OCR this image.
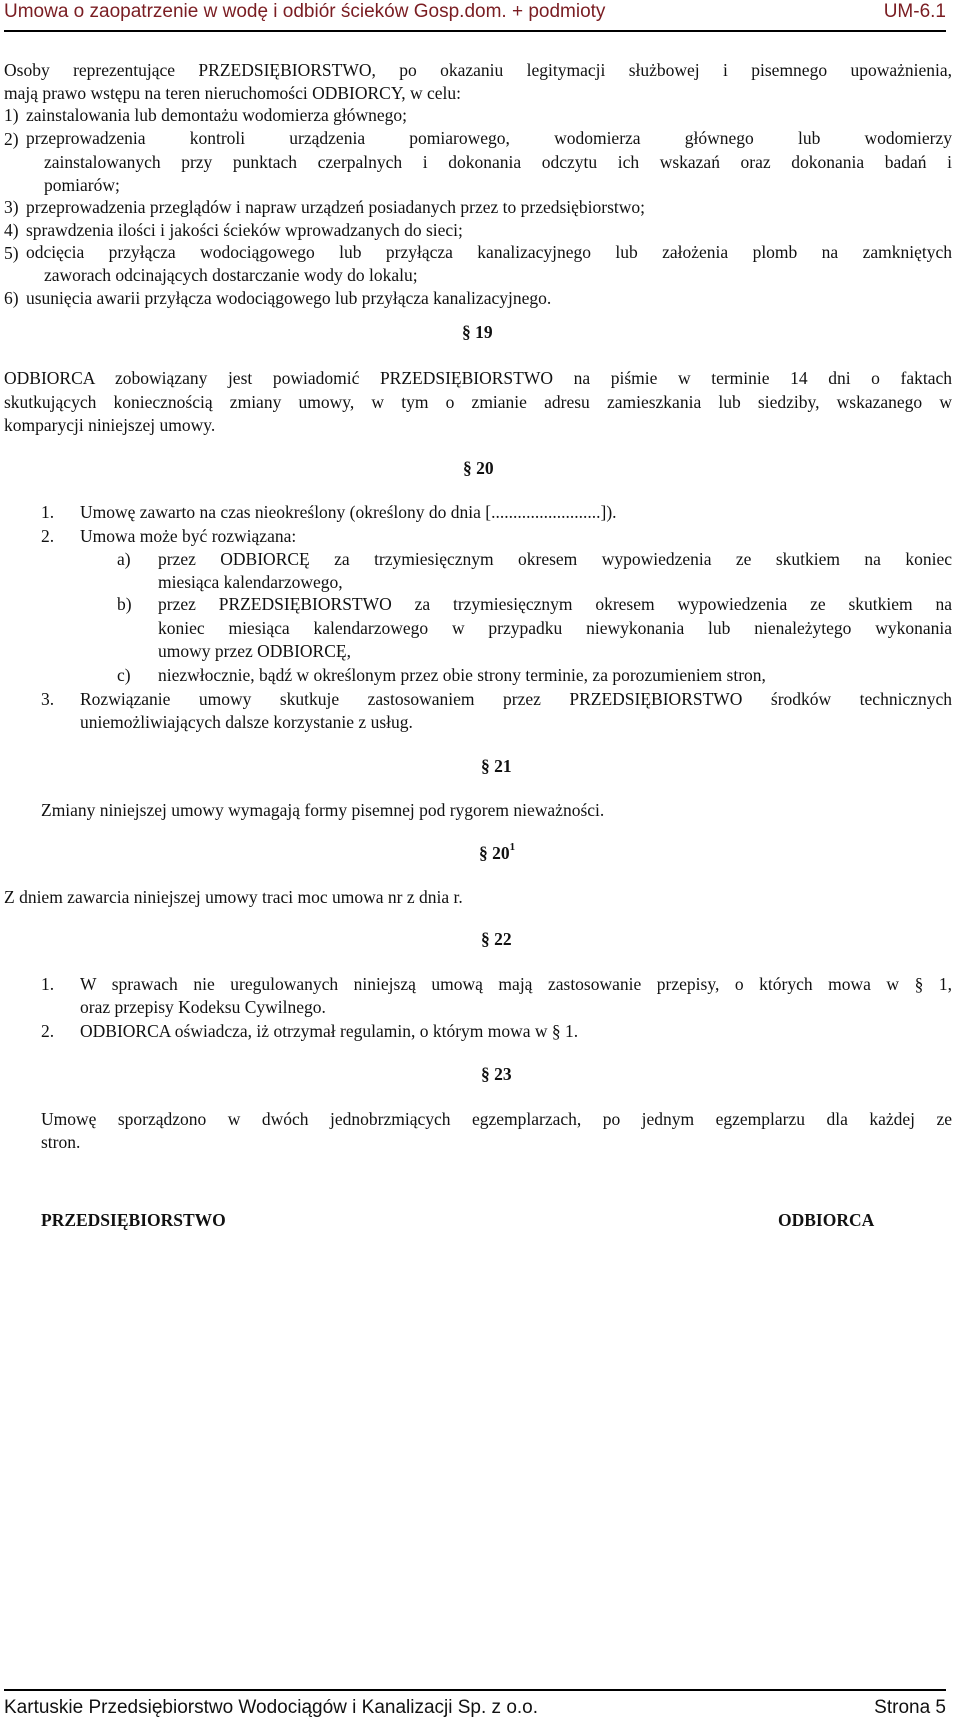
Umowa o zaopatrzenie w wodę i odbiór ścieków Gosp.dom. + podmioty	UM-6.1
Osoby reprezentujące PRZEDSIĘBIORSTWO, po okazaniu legitymacji służbowej i pisemnego upoważnienia,
mają prawo wstępu na teren nieruchomości ODBIORCY, w celu:
1) zainstalowania lub demontażu wodomierza głównego;
2) przeprowadzenia kontroli urządzenia pomiarowego, wodomierza głównego lub wodomierzy
zainstalowanych przy punktach czerpalnych i dokonania odczytu ich wskazań oraz dokonania badań i
pomiarów;
3) przeprowadzenia przeglądów i napraw urządzeń posiadanych przez to przedsiębiorstwo;
4) sprawdzenia ilości i jakości ścieków wprowadzanych do sieci;
5) odcięcia przyłącza wodociągowego lub przyłącza kanalizacyjnego lub założenia plomb na zamkniętych
zaworach odcinających dostarczanie wody do lokalu;
6) usunięcia awarii przyłącza wodociągowego lub przyłącza kanalizacyjnego.
§ 19
ODBIORCA zobowiązany jest powiadomić PRZEDSIĘBIORSTWO na piśmie w terminie 14 dni o faktach
skutkujących koniecznością zmiany umowy, w tym o zmianie adresu zamieszkania lub siedziby, wskazanego w
komparycji niniejszej umowy.
§ 20
1. Umowę zawarto na czas nieokreślony (określony do dnia [.........................]).
2. Umowa może być rozwiązana:
a) przez ODBIORCĘ za trzymiesięcznym okresem wypowiedzenia ze skutkiem na koniec
miesiąca kalendarzowego,
b) przez PRZEDSIĘBIORSTWO za trzymiesięcznym okresem wypowiedzenia ze skutkiem na
koniec miesiąca kalendarzowego w przypadku niewykonania lub nienależytego wykonania
umowy przez ODBIORCĘ,
c) niezwłocznie, bądź w określonym przez obie strony terminie, za porozumieniem stron,
3. Rozwiązanie umowy skutkuje zastosowaniem przez PRZEDSIĘBIORSTWO środków technicznych
uniemożliwiających dalsze korzystanie z usług.
§ 21
Zmiany niniejszej umowy wymagają formy pisemnej pod rygorem nieważności.
§ $20^1$
Z dniem zawarcia niniejszej umowy traci moc umowa nr z dnia r.
§ 22
1. W sprawach nie uregulowanych niniejszą umową mają zastosowanie przepisy, o których mowa w § 1,
oraz przepisy Kodeksu Cywilnego.
2. ODBIORCA oświadcza, iż otrzymał regulamin, o którym mowa w § 1.
§ 23
Umowę sporządzono w dwóch jednobrzmiących egzemplarzach, po jednym egzemplarzu dla każdej ze
stron.
PRZEDSIĘBIORSTWO	ODBIORCA
Kartuskie Przedsiębiorstwo Wodociągów i Kanalizacji Sp. z o.o.	Strona 5
